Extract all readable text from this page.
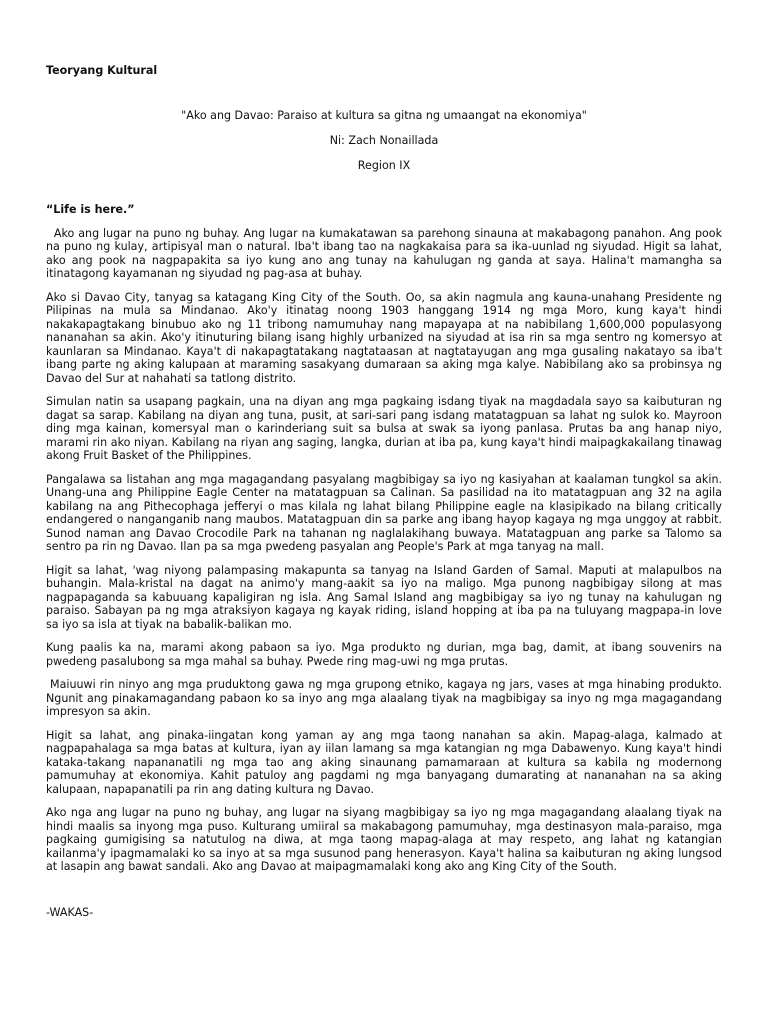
Teoryang Kultural

"Ako ang Davao: Paraiso at kultura sa gitna ng umaangat na ekonomiya"

Ni: Zach Nonaillada

Region IX

“Life is here.”

Ako ang lugar na puno ng buhay. Ang lugar na kumakatawan sa parehong sinauna at makabagong panahon. Ang pook na puno ng kulay, artipisyal man o natural. Iba't ibang tao na nagkakaisa para sa ika-uunlad ng siyudad. Higit sa lahat, ako ang pook na nagpapakita sa iyo kung ano ang tunay na kahulugan ng ganda at saya. Halina't mamangha sa itinatagong kayamanan ng siyudad ng pag-asa at buhay.

Ako si Davao City, tanyag sa katagang King City of the South. Oo, sa akin nagmula ang kauna-unahang Presidente ng Pilipinas na mula sa Mindanao. Ako'y itinatag noong 1903 hanggang 1914 ng mga Moro, kung kaya't hindi nakakapagtakang binubuo ako ng 11 tribong namumuhay nang mapayapa at na nabibilang 1,600,000 populasyong nananahan sa akin. Ako'y itinuturing bilang isang highly urbanized na siyudad at isa rin sa mga sentro ng komersyo at kaunlaran sa Mindanao. Kaya't di nakapagtatakang nagtataasan at nagtatayugan ang mga gusaling nakatayo sa iba't ibang parte ng aking kalupaan at maraming sasakyang dumaraan sa aking mga kalye. Nabibilang ako sa probinsya ng Davao del Sur at nahahati sa tatlong distrito.

Simulan natin sa usapang pagkain, una na diyan ang mga pagkaing isdang tiyak na magdadala sayo sa kaibuturan ng dagat sa sarap. Kabilang na diyan ang tuna, pusit, at sari-sari pang isdang matatagpuan sa lahat ng sulok ko. Mayroon ding mga kainan, komersyal man o karinderiang suit sa bulsa at swak sa iyong panlasa. Prutas ba ang hanap niyo, marami rin ako niyan. Kabilang na riyan ang saging, langka, durian at iba pa, kung kaya't hindi maipagkakailang tinawag akong Fruit Basket of the Philippines.

Pangalawa sa listahan ang mga magagandang pasyalang magbibigay sa iyo ng kasiyahan at kaalaman tungkol sa akin. Unang-una ang Philippine Eagle Center na matatagpuan sa Calinan. Sa pasilidad na ito matatagpuan ang 32 na agila kabilang na ang Pithecophaga jefferyi o mas kilala ng lahat bilang Philippine eagle na klasipikado na bilang critically endangered o nanganganib nang maubos. Matatagpuan din sa parke ang ibang hayop kagaya ng mga unggoy at rabbit. Sunod naman ang Davao Crocodile Park na tahanan ng naglalakihang buwaya. Matatagpuan ang parke sa Talomo sa sentro pa rin ng Davao. Ilan pa sa mga pwedeng pasyalan ang People's Park at mga tanyag na mall.

Higit sa lahat, 'wag niyong palampasing makapunta sa tanyag na Island Garden of Samal. Maputi at malapulbos na buhangin. Mala-kristal na dagat na animo'y mang-aakit sa iyo na maligo. Mga punong nagbibigay silong at mas nagpapaganda sa kabuuang kapaligiran ng isla. Ang Samal Island ang magbibigay sa iyo ng tunay na kahulugan ng paraiso. Sabayan pa ng mga atraksiyon kagaya ng kayak riding, island hopping at iba pa na tuluyang magpapa-in love sa iyo sa isla at tiyak na babalik-balikan mo.

Kung paalis ka na, marami akong pabaon sa iyo. Mga produkto ng durian, mga bag, damit, at ibang souvenirs na pwedeng pasalubong sa mga mahal sa buhay. Pwede ring mag-uwi ng mga prutas.

Maiuuwi rin ninyo ang mga pruduktong gawa ng mga grupong etniko, kagaya ng jars, vases at mga hinabing produkto. Ngunit ang pinakamagandang pabaon ko sa inyo ang mga alaalang tiyak na magbibigay sa inyo ng mga magagandang impresyon sa akin.

Higit sa lahat, ang pinaka-iingatan kong yaman ay ang mga taong nanahan sa akin. Mapag-alaga, kalmado at nagpapahalaga sa mga batas at kultura, iyan ay iilan lamang sa mga katangian ng mga Dabawenyo. Kung kaya't hindi kataka-takang napananatili ng mga tao ang aking sinaunang pamamaraan at kultura sa kabila ng modernong pamumuhay at ekonomiya. Kahit patuloy ang pagdami ng mga banyagang dumarating at nananahan na sa aking kalupaan, napapanatili pa rin ang dating kultura ng Davao.

Ako nga ang lugar na puno ng buhay, ang lugar na siyang magbibigay sa iyo ng mga magagandang alaalang tiyak na hindi maalis sa inyong mga puso. Kulturang umiiral sa makabagong pamumuhay, mga destinasyon mala-paraiso, mga pagkaing gumigising sa natutulog na diwa, at mga taong mapag-alaga at may respeto, ang lahat ng katangian kailanma'y ipagmamalaki ko sa inyo at sa mga susunod pang henerasyon. Kaya't halina sa kaibuturan ng aking lungsod at lasapin ang bawat sandali. Ako ang Davao at maipagmamalaki kong ako ang King City of the South.

-WAKAS-
